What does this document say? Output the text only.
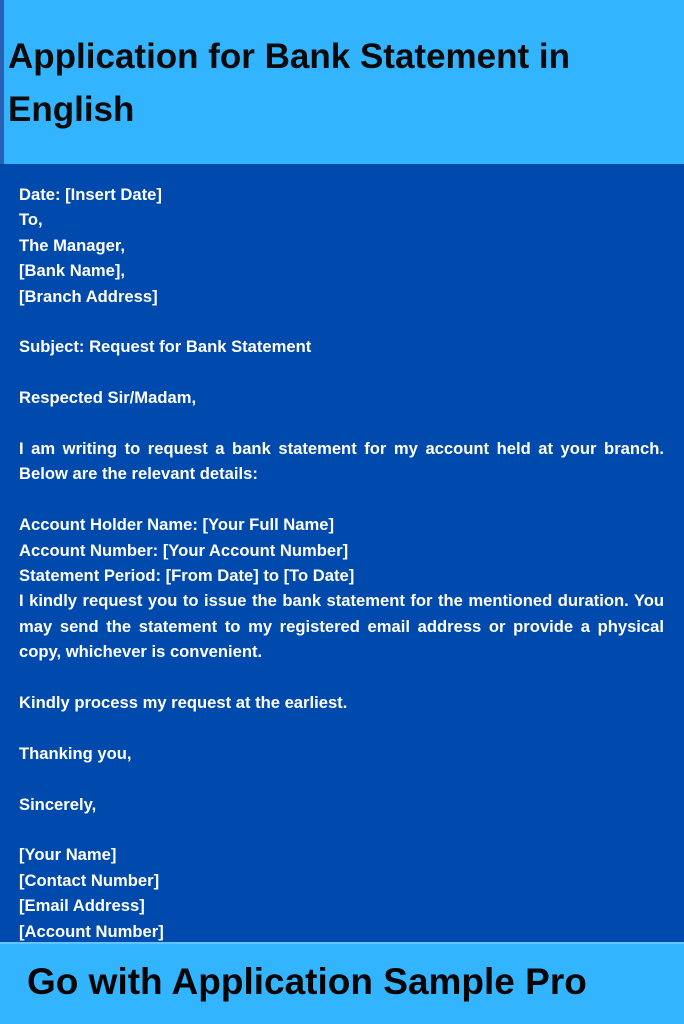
Application for Bank Statement in English

Date: [Insert Date]
To,
The Manager,
[Bank Name],
[Branch Address]

Subject: Request for Bank Statement

Respected Sir/Madam,

I am writing to request a bank statement for my account held at your branch. Below are the relevant details:

Account Holder Name: [Your Full Name]
Account Number: [Your Account Number]
Statement Period: [From Date] to [To Date]
I kindly request you to issue the bank statement for the mentioned duration. You may send the statement to my registered email address or provide a physical copy, whichever is convenient.

Kindly process my request at the earliest.

Thanking you,

Sincerely,

[Your Name]
[Contact Number]
[Email Address]
[Account Number]

Go with Application Sample Pro
